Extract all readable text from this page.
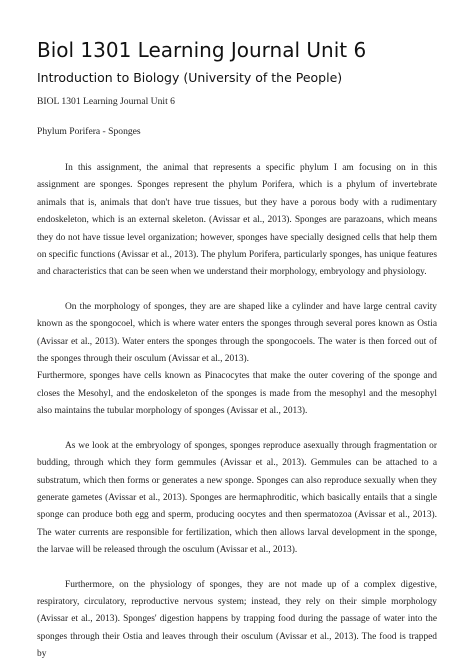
Biol 1301 Learning Journal Unit 6
Introduction to Biology (University of the People)
BIOL 1301 Learning Journal Unit 6
Phylum Porifera - Sponges

In this assignment, the animal that represents a specific phylum I am focusing on in this assignment are sponges. Sponges represent the phylum Porifera, which is a phylum of invertebrate animals that is, animals that don't have true tissues, but they have a porous body with a rudimentary endoskeleton, which is an external skeleton. (Avissar et al., 2013). Sponges are parazoans, which means they do not have tissue level organization; however, sponges have specially designed cells that help them on specific functions (Avissar et al., 2013). The phylum Porifera, particularly sponges, has unique features and characteristics that can be seen when we understand their morphology, embryology and physiology.

On the morphology of sponges, they are are shaped like a cylinder and have large central cavity known as the spongocoel, which is where water enters the sponges through several pores known as Ostia (Avissar et al., 2013). Water enters the sponges through the spongocoels. The water is then forced out of the sponges through their osculum (Avissar et al., 2013).

Furthermore, sponges have cells known as Pinacocytes that make the outer covering of the sponge and closes the Mesohyl, and the endoskeleton of the sponges is made from the mesophyl and the mesophyl also maintains the tubular morphology of sponges (Avissar et al., 2013).

As we look at the embryology of sponges, sponges reproduce asexually through fragmentation or budding, through which they form gemmules (Avissar et al., 2013). Gemmules can be attached to a substratum, which then forms or generates a new sponge. Sponges can also reproduce sexually when they generate gametes (Avissar et al., 2013). Sponges are hermaphroditic, which basically entails that a single sponge can produce both egg and sperm, producing oocytes and then spermatozoa (Avissar et al., 2013). The water currents are responsible for fertilization, which then allows larval development in the sponge, the larvae will be released through the osculum (Avissar et al., 2013).

Furthermore, on the physiology of sponges, they are not made up of a complex digestive, respiratory, circulatory, reproductive nervous system; instead, they rely on their simple morphology (Avissar et al., 2013). Sponges' digestion happens by trapping food during the passage of water into the sponges through their Ostia and leaves through their osculum (Avissar et al., 2013). The food is trapped by
